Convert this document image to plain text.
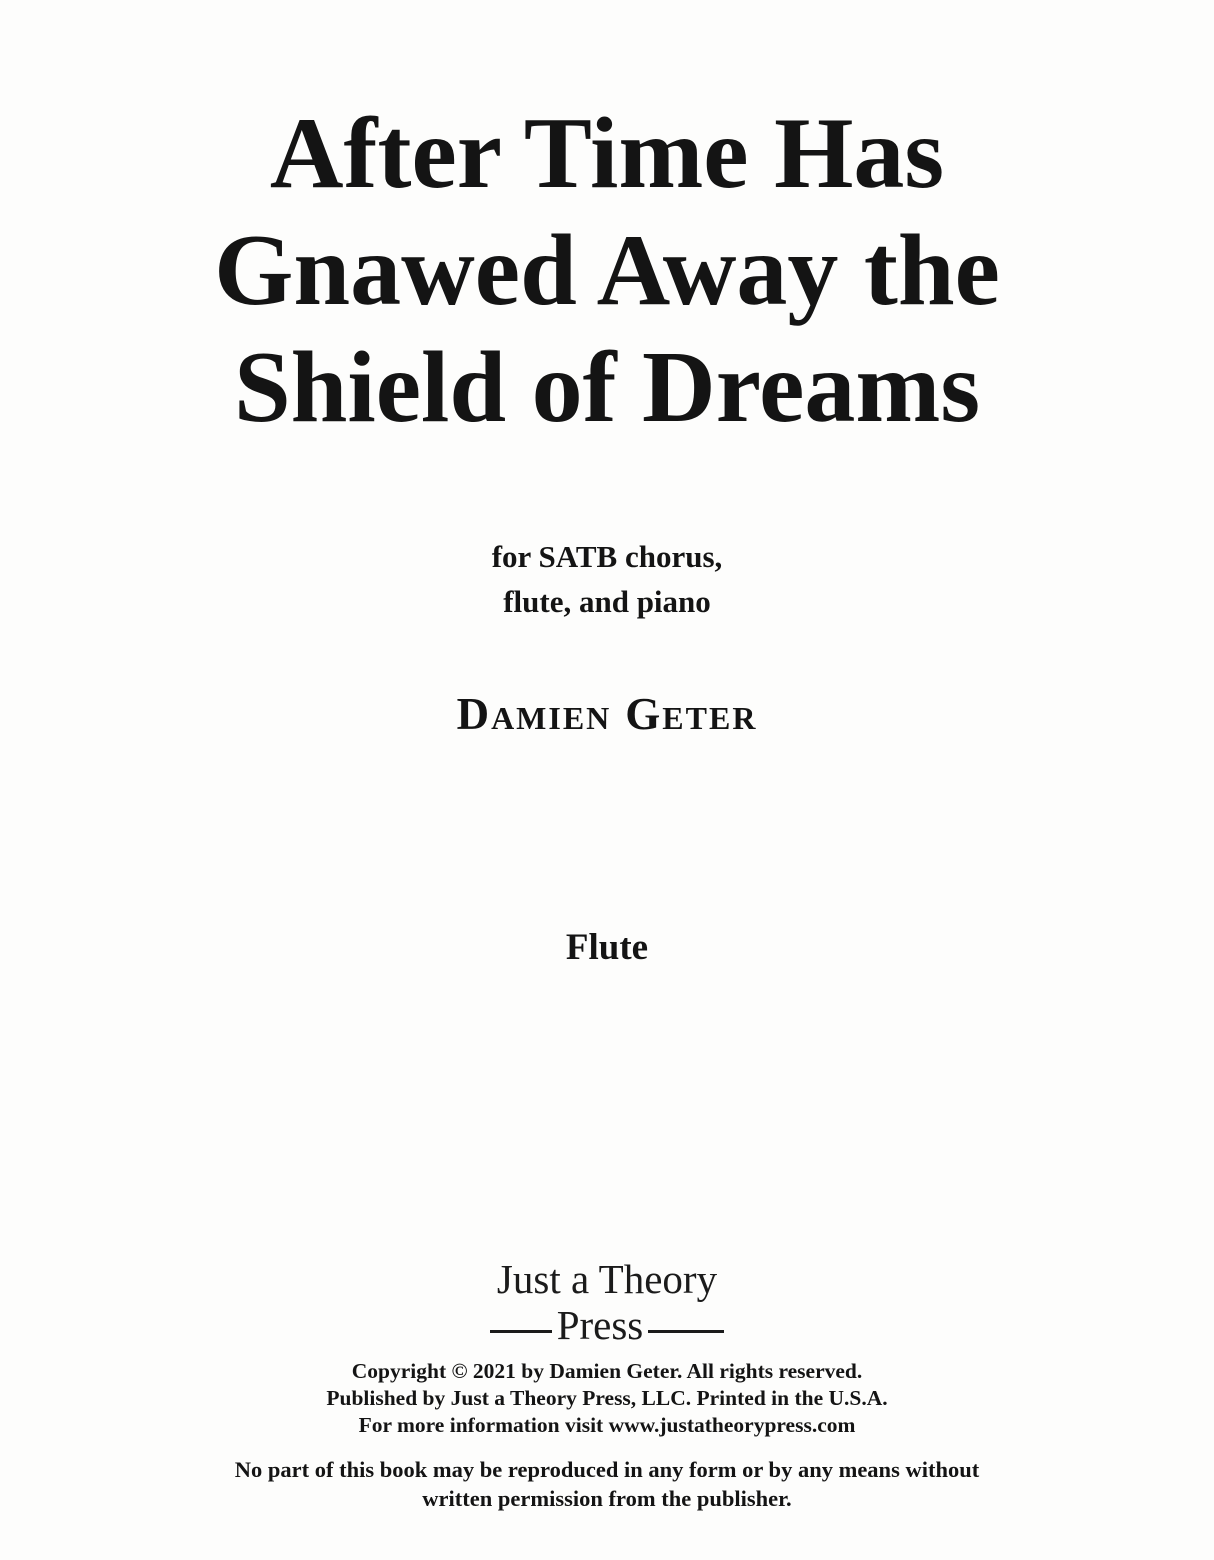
After Time Has
Gnawed Away the
Shield of Dreams
for SATB chorus,
flute, and piano
DAMIEN GETER
Flute
Just a Theory
Press
Copyright © 2021 by Damien Geter. All rights reserved.
Published by Just a Theory Press, LLC. Printed in the U.S.A.
For more information visit www.justatheorypress.com
No part of this book may be reproduced in any form or by any means without
written permission from the publisher.
